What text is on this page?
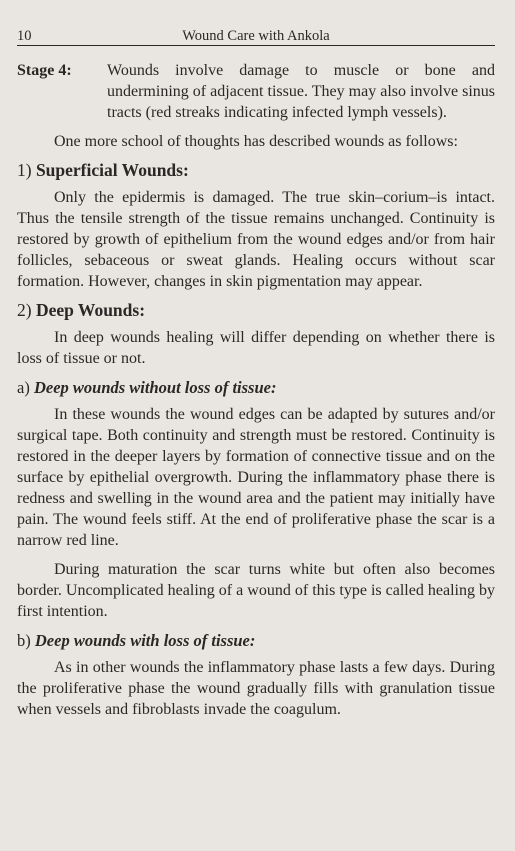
10	Wound Care with Ankola
Stage 4: Wounds involve damage to muscle or bone and undermining of adjacent tissue. They may also involve sinus tracts (red streaks indicating infected lymph vessels).

One more school of thoughts has described wounds as follows:

1) Superficial Wounds:

Only the epidermis is damaged. The true skin–corium–is intact. Thus the tensile strength of the tissue remains unchanged. Continuity is restored by growth of epithelium from the wound edges and/or from hair follicles, sebaceous or sweat glands. Healing occurs without scar formation. However, changes in skin pigmentation may appear.

2) Deep Wounds:

In deep wounds healing will differ depending on whether there is loss of tissue or not.

a) Deep wounds without loss of tissue:

In these wounds the wound edges can be adapted by sutures and/or surgical tape. Both continuity and strength must be restored. Continuity is restored in the deeper layers by formation of connective tissue and on the surface by epithelial overgrowth. During the inflammatory phase there is redness and swelling in the wound area and the patient may initially have pain. The wound feels stiff. At the end of proliferative phase the scar is a narrow red line.

During maturation the scar turns white but often also becomes border. Uncomplicated healing of a wound of this type is called healing by first intention.

b) Deep wounds with loss of tissue:

As in other wounds the inflammatory phase lasts a few days. During the proliferative phase the wound gradually fills with granulation tissue when vessels and fibroblasts invade the coagulum.
